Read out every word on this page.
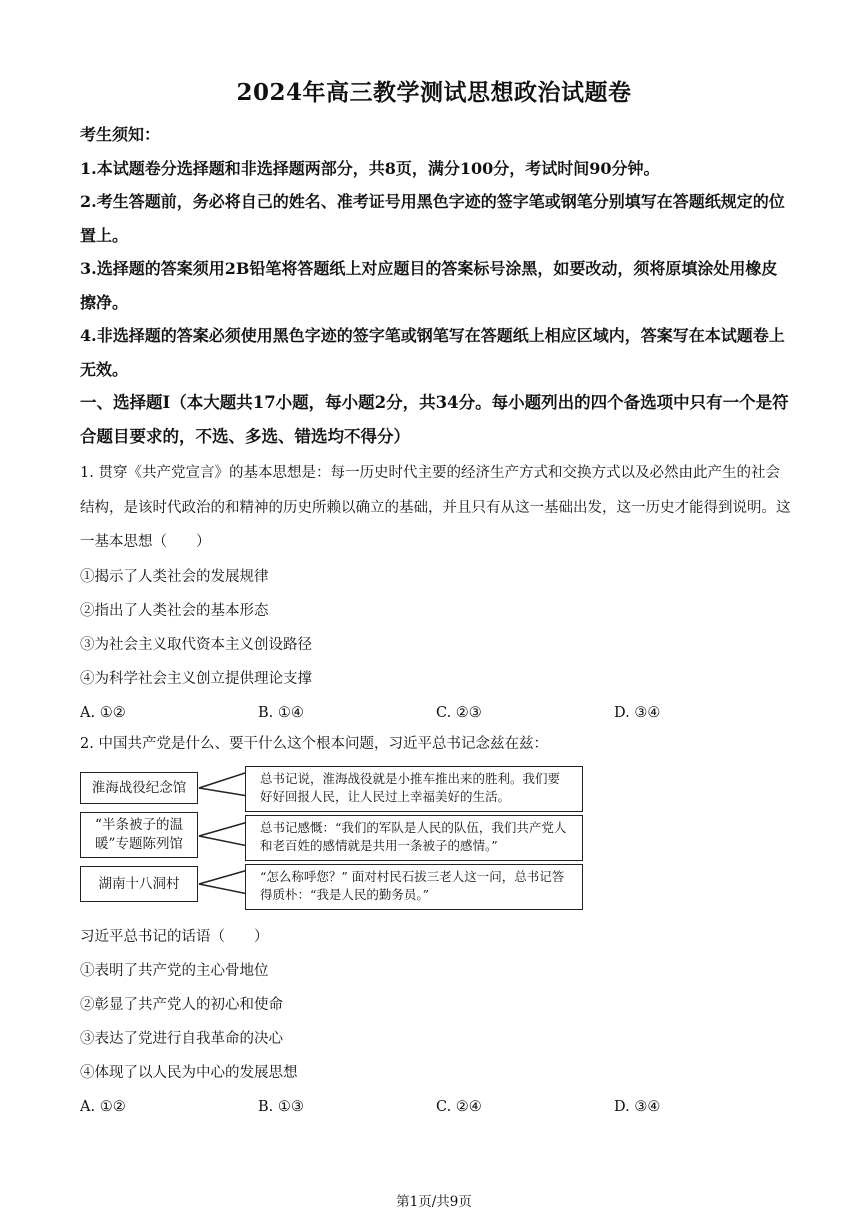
2024年高三教学测试思想政治试题卷

考生须知：

1.本试题卷分选择题和非选择题两部分，共8页，满分100分，考试时间90分钟。

2.考生答题前，务必将自己的姓名、准考证号用黑色字迹的签字笔或钢笔分别填写在答题纸规定的位置上。

3.选择题的答案须用2B铅笔将答题纸上对应题目的答案标号涂黑，如要改动，须将原填涂处用橡皮擦净。

4.非选择题的答案必须使用黑色字迹的签字笔或钢笔写在答题纸上相应区域内，答案写在本试题卷上无效。

一、选择题Ⅰ（本大题共17小题，每小题2分，共34分。每小题列出的四个备选项中只有一个是符合题目要求的，不选、多选、错选均不得分）

1. 贯穿《共产党宣言》的基本思想是：每一历史时代主要的经济生产方式和交换方式以及必然由此产生的社会结构，是该时代政治的和精神的历史所赖以确立的基础，并且只有从这一基础出发，这一历史才能得到说明。这一基本思想（　　）

①揭示了人类社会的发展规律

②指出了人类社会的基本形态

③为社会主义取代资本主义创设路径

④为科学社会主义创立提供理论支撑

A. ①②	B. ①④	C. ②③	D. ③④

2. 中国共产党是什么、要干什么这个根本问题，习近平总书记念兹在兹：

淮海战役纪念馆
总书记说，淮海战役就是小推车推出来的胜利。我们要好好回报人民，让人民过上幸福美好的生活。
“半条被子的温暖”专题陈列馆
总书记感慨：“我们的军队是人民的队伍，我们共产党人和老百姓的感情就是共用一条被子的感情。”
湖南十八洞村	“怎么称呼您？” 面对村民石拔三老人这一问，总书记答得质朴：“我是人民的勤务员。”

习近平总书记的话语（　　）

①表明了共产党的主心骨地位

②彰显了共产党人的初心和使命

③表达了党进行自我革命的决心

④体现了以人民为中心的发展思想

A. ①②	B. ①③	C. ②④	D. ③④
第1页/共9页
